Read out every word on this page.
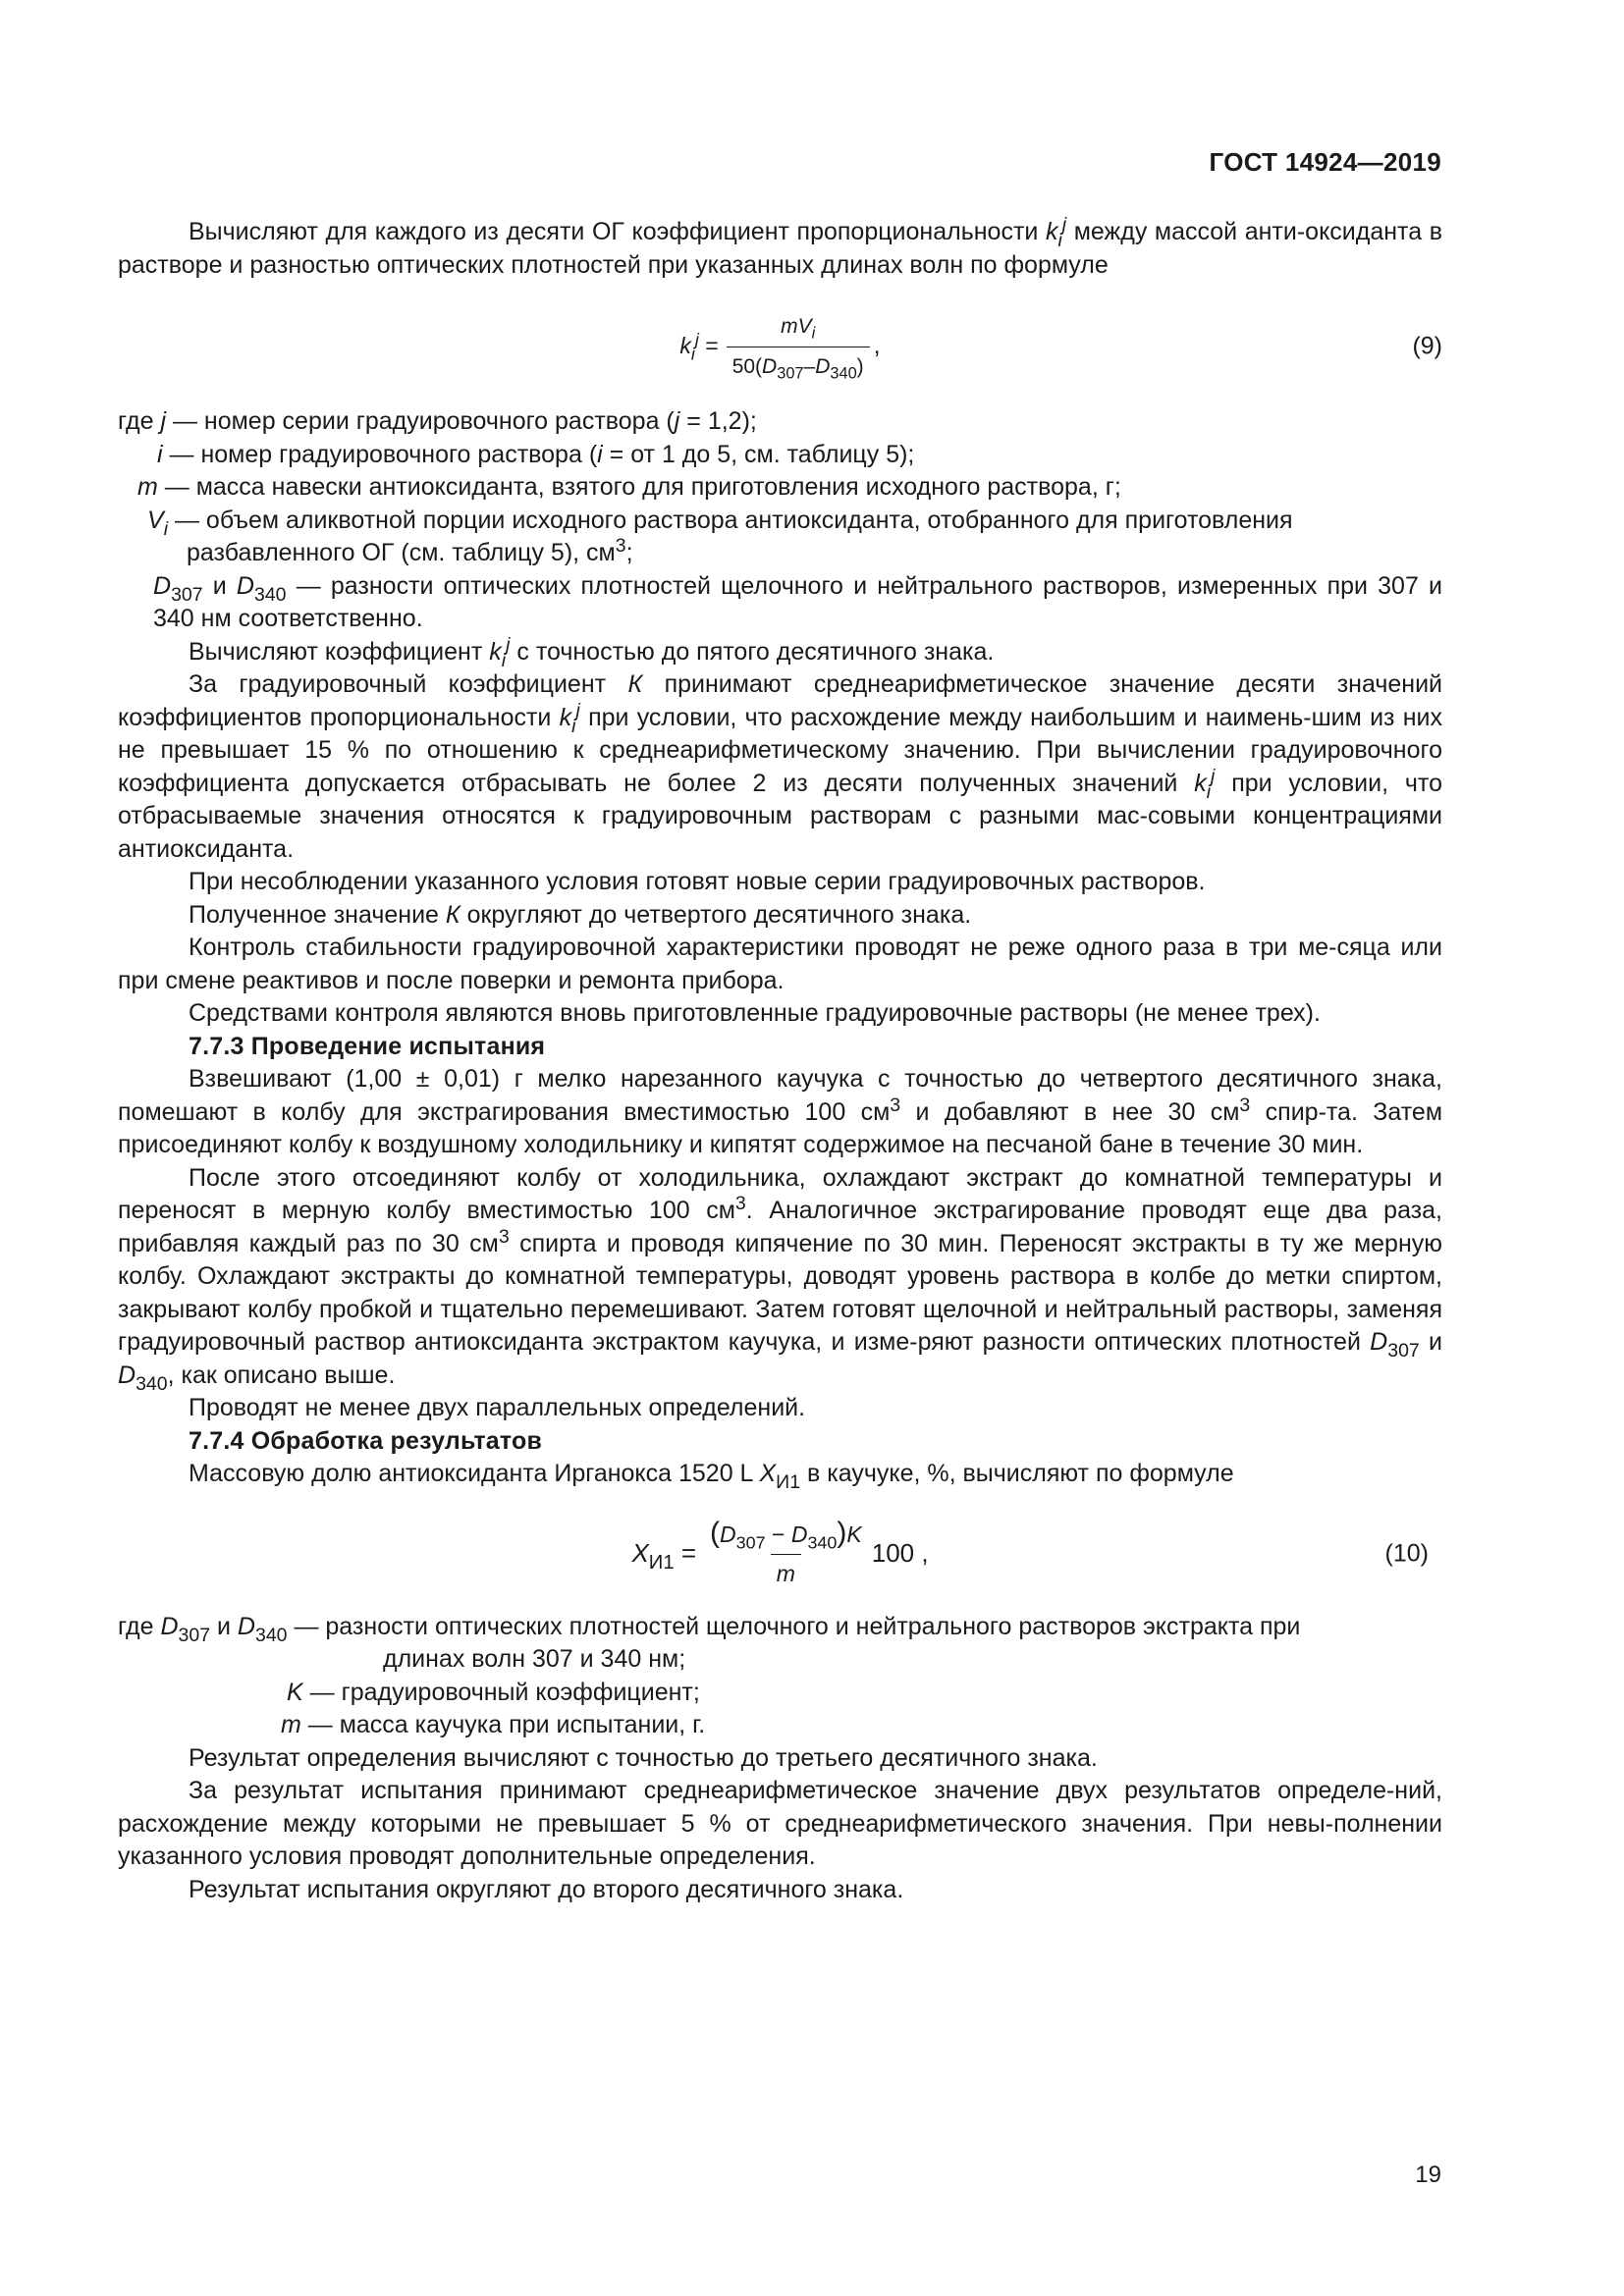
ГОСТ 14924—2019

Вычисляют для каждого из десяти ОГ коэффициент пропорциональности $k_i^j$ между массой анти-оксиданта в растворе и разностью оптических плотностей при указанных длинах волн по формуле

$k_i^j = \frac{mV_i}{50(D_{307}-D_{340})}$ ,	(9)

где j — номер серии градуировочного раствора (j = 1,2);

i — номер градуировочного раствора (i = от 1 до 5, см. таблицу 5);

m — масса навески антиоксиданта, взятого для приготовления исходного раствора, г;

$V_i$ — объем аликвотной порции исходного раствора антиоксиданта, отобранного для приготовления

разбавленного ОГ (см. таблицу 5), $см^3$;

$D_{307}$ и $D_{340}$ — разности оптических плотностей щелочного и нейтрального растворов, измеренных при 307 и 340 нм соответственно.

Вычисляют коэффициент $k_i^j$ с точностью до пятого десятичного знака.

За градуировочный коэффициент К принимают среднеарифметическое значение десяти значений коэффициентов пропорциональности $k_i^j$ при условии, что расхождение между наибольшим и наимень-шим из них не превышает 15 % по отношению к среднеарифметическому значению. При вычислении градуировочного коэффициента допускается отбрасывать не более 2 из десяти полученных значений $k_i^j$ при условии, что отбрасываемые значения относятся к градуировочным растворам с разными мас-совыми концентрациями антиоксиданта.

При несоблюдении указанного условия готовят новые серии градуировочных растворов.

Полученное значение К округляют до четвертого десятичного знака.

Контроль стабильности градуировочной характеристики проводят не реже одного раза в три ме-сяца или при смене реактивов и после поверки и ремонта прибора.

Средствами контроля являются вновь приготовленные градуировочные растворы (не менее трех).

7.7.3 Проведение испытания

Взвешивают (1,00 ± 0,01) г мелко нарезанного каучука с точностью до четвертого десятичного знака, помешают в колбу для экстрагирования вместимостью 100 $см^3$ и добавляют в нее 30 $см^3$ спир-та. Затем присоединяют колбу к воздушному холодильнику и кипятят содержимое на песчаной бане в течение 30 мин.

После этого отсоединяют колбу от холодильника, охлаждают экстракт до комнатной температуры и переносят в мерную колбу вместимостью 100 $см^3$. Аналогичное экстрагирование проводят еще два раза, прибавляя каждый раз по 30 $см^3$ спирта и проводя кипячение по 30 мин. Переносят экстракты в ту же мерную колбу. Охлаждают экстракты до комнатной температуры, доводят уровень раствора в колбе до метки спиртом, закрывают колбу пробкой и тщательно перемешивают. Затем готовят щелочной и нейтральный растворы, заменяя градуировочный раствор антиоксиданта экстрактом каучука, и изме-ряют разности оптических плотностей $D_{307}$ и $D_{340}$, как описано выше.

Проводят не менее двух параллельных определений.

7.7.4 Обработка результатов

Массовую долю антиоксиданта Ирганокса 1520 L $X_{И1}$ в каучуке, %, вычисляют по формуле

$X_{И1} = \frac{(D_{307} - D_{340})K}{m} 100$ ,	(10)

где $D_{307}$ и $D_{340}$ — разности оптических плотностей щелочного и нейтрального растворов экстракта при

длинах волн 307 и 340 нм;

K — градуировочный коэффициент;

m — масса каучука при испытании, г.

Результат определения вычисляют с точностью до третьего десятичного знака.

За результат испытания принимают среднеарифметическое значение двух результатов определе-ний, расхождение между которыми не превышает 5 % от среднеарифметического значения. При невы-полнении указанного условия проводят дополнительные определения.

Результат испытания округляют до второго десятичного знака.

19
